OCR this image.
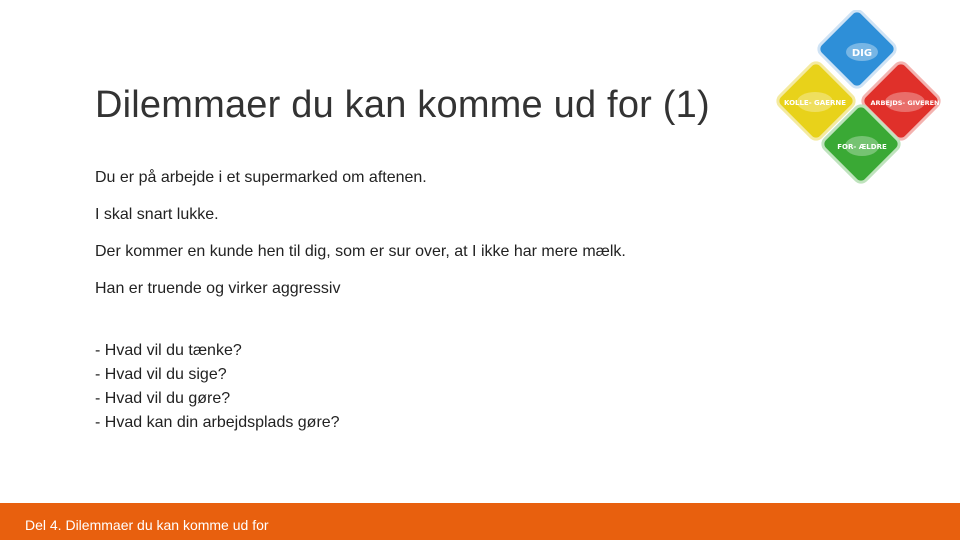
Dilemmaer du kan komme ud for (1)

Du er på arbejde i et supermarked om aftenen.

I skal snart lukke.

Der kommer en kunde hen til dig, som er sur over, at I ikke har mere mælk.

Han er truende og virker aggressiv

- Hvad vil du tænke?
- Hvad vil du sige?
- Hvad vil du gøre?
- Hvad kan din arbejdsplads gøre?
DIG
KOLLE- GAERNE	ARBEJDS- GIVEREN
FOR- ÆLDRE
Del 4. Dilemmaer du kan komme ud for
